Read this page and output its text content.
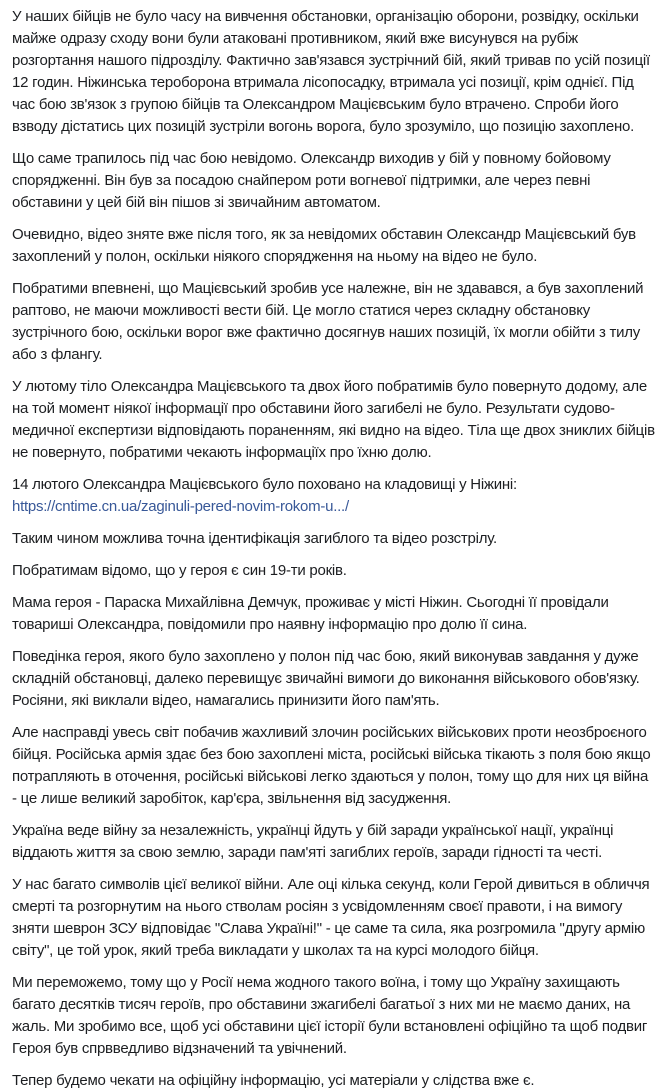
У наших бійців не було часу на вивчення обстановки, організацію оборони, розвідку, оскільки майже одразу сходу вони були атаковані противником, який вже висунувся на рубіж розгортання нашого підрозділу. Фактично зав'язався зустрічний бій, який тривав по усій позиції 12 годин. Ніжинська тероборона втримала лісопосадку, втримала усі позиції, крім однієї. Під час бою зв'язок з групою бійців та Олександром Мацієвським було втрачено. Спроби його взводу дістатись цих позицій зустріли вогонь ворога, було зрозуміло, що позицію захоплено.

Що саме трапилось під час бою невідомо. Олександр виходив у бій у повному бойовому спорядженні. Він був за посадою снайпером роти вогневої підтримки, але через певні обставини у цей бій він пішов зі звичайним автоматом.

Очевидно, відео зняте вже після того, як за невідомих обставин Олександр Мацієвський був захоплений у полон, оскільки ніякого спорядження на ньому на відео не було.

Побратими впевнені, що Мацієвський зробив усе належне, він не здавався, а був захоплений раптово, не маючи можливості вести бій. Це могло статися через складну обстановку зустрічного бою, оскільки ворог вже фактично досягнув наших позицій, їх могли обійти з тилу або з флангу.

У лютому тіло Олександра Мацієвського та двох його побратимів було повернуто додому, але на той момент ніякої інформації про обставини його загибелі не було. Результати судово-медичної експертизи відповідають пораненням, які видно на відео. Тіла ще двох зниклих бійців не повернуто, побратими чекають інформаціїх про їхню долю.

14 лютого Олександра Мацієвського було поховано на кладовищі у Ніжині:
https://cntime.cn.ua/zaginuli-pered-novim-rokom-u.../

Таким чином можлива точна ідентифікація загиблого та відео розстрілу.

Побратимам відомо, що у героя є син 19-ти років.

Мама героя - Параска Михайлівна Демчук, проживає у місті Ніжин. Сьогодні її провідали товариші Олександра, повідомили про наявну інформацію про долю її сина.

Поведінка героя, якого було захоплено у полон під час бою, який виконував завдання у дуже складній обстановці, далеко перевищує звичайні вимоги до виконання військового обов'язку. Росіяни, які виклали відео, намагались принизити його пам'ять.

Але насправді увесь світ побачив жахливий злочин російських військових проти неозброєного бійця. Російська армія здає без бою захоплені міста, російські війська тікають з поля бою якщо потрапляють в оточення, російські військові легко здаються у полон, тому що для них ця війна - це лише великий заробіток, кар'єра, звільнення від засудження.

Україна веде війну за незалежність, українці йдуть у бій заради української нації, українці віддають життя за свою землю, заради пам'яті загиблих героїв, заради гідності та честі.

У нас багато символів цієї великої війни. Але оці кілька секунд, коли Герой дивиться в обличчя смерті та розгорнутим на нього стволам росіян з усвідомленням своєї правоти, і на вимогу зняти шеврон ЗСУ відповідає "Слава Україні!" - це саме та сила, яка розгромила "другу армію світу", це той урок, який треба викладати у школах та на курсі молодого бійця.

Ми переможемо, тому що у Росії нема жодного такого воїна, і тому що Україну захищають багато десятків тисяч героїв, про обставини зжагибелі багатьої з них ми не маємо даних, на жаль. Ми зробимо все, щоб усі обставини цієї історії були встановлені офіційно та щоб подвиг Героя був спрвведливо відзначений та увічнений.

Тепер будемо чекати на офіційну інформацію, усі матеріали у слідства вже є.
